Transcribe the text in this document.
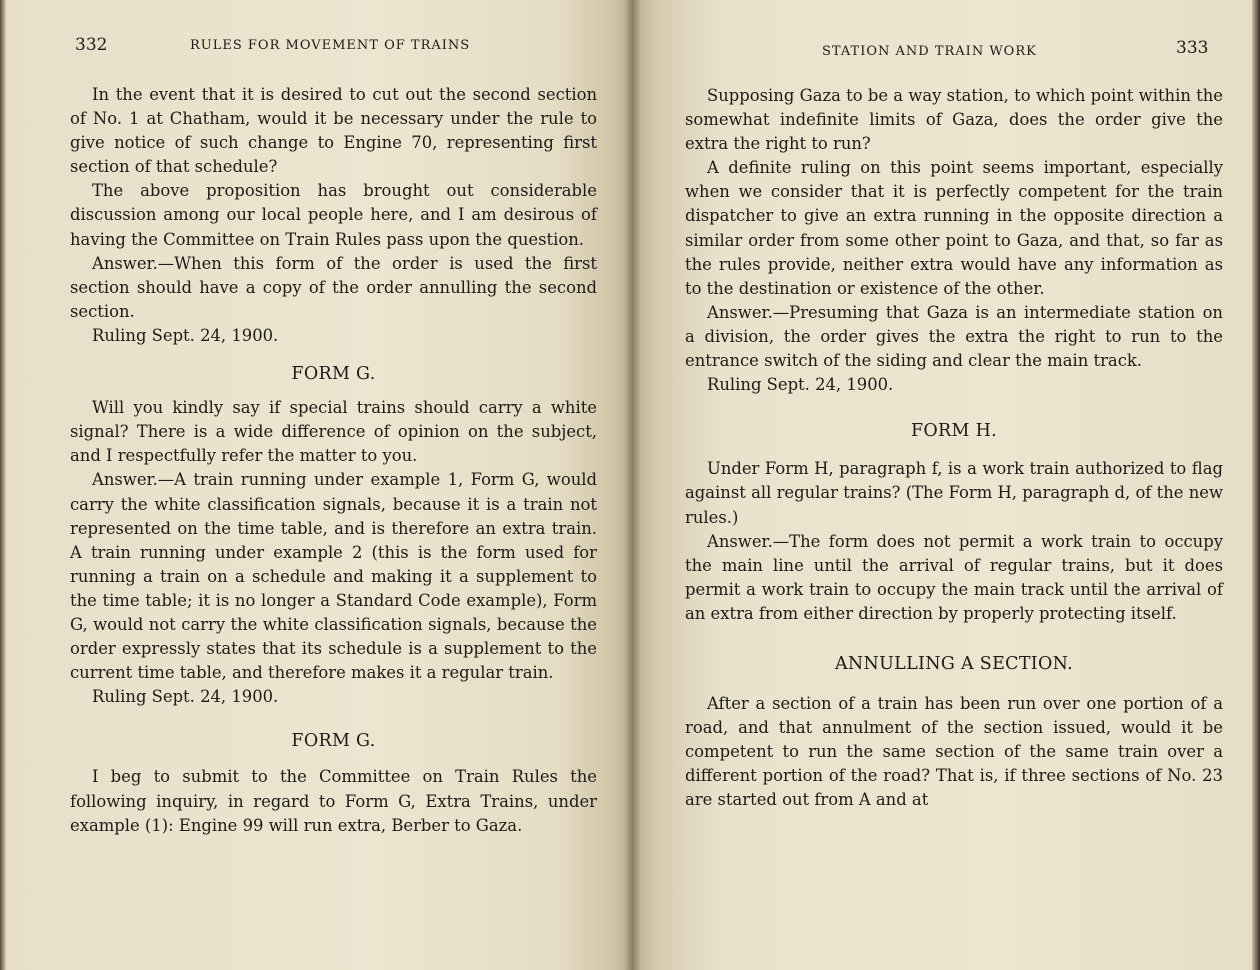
332	RULES FOR MOVEMENT OF TRAINS

In the event that it is desired to cut out the second section of No. 1 at Chatham, would it be necessary under the rule to give notice of such change to Engine 70, representing first section of that schedule?

The above proposition has brought out considerable discussion among our local people here, and I am desirous of having the Committee on Train Rules pass upon the question.

Answer.—When this form of the order is used the first section should have a copy of the order annulling the second section.

Ruling Sept. 24, 1900.

FORM G.

Will you kindly say if special trains should carry a white signal? There is a wide difference of opinion on the subject, and I respectfully refer the matter to you.

Answer.—A train running under example 1, Form G, would carry the white classification signals, because it is a train not represented on the time table, and is therefore an extra train. A train running under example 2 (this is the form used for running a train on a schedule and making it a supplement to the time table; it is no longer a Standard Code example), Form G, would not carry the white classification signals, because the order expressly states that its schedule is a supplement to the current time table, and therefore makes it a regular train.

Ruling Sept. 24, 1900.

FORM G.

I beg to submit to the Committee on Train Rules the following inquiry, in regard to Form G, Extra Trains, under example (1): Engine 99 will run extra, Berber to Gaza.

STATION AND TRAIN WORK	333

Supposing Gaza to be a way station, to which point within the somewhat indefinite limits of Gaza, does the order give the extra the right to run?

A definite ruling on this point seems important, especially when we consider that it is perfectly competent for the train dispatcher to give an extra running in the opposite direction a similar order from some other point to Gaza, and that, so far as the rules provide, neither extra would have any information as to the destination or existence of the other.

Answer.—Presuming that Gaza is an intermediate station on a division, the order gives the extra the right to run to the entrance switch of the siding and clear the main track.

Ruling Sept. 24, 1900.

FORM H.

Under Form H, paragraph f, is a work train authorized to flag against all regular trains? (The Form H, paragraph d, of the new rules.)

Answer.—The form does not permit a work train to occupy the main line until the arrival of regular trains, but it does permit a work train to occupy the main track until the arrival of an extra from either direction by properly protecting itself.

ANNULLING A SECTION.

After a section of a train has been run over one portion of a road, and that annulment of the section issued, would it be competent to run the same section of the same train over a different portion of the road? That is, if three sections of No. 23 are started out from A and at
